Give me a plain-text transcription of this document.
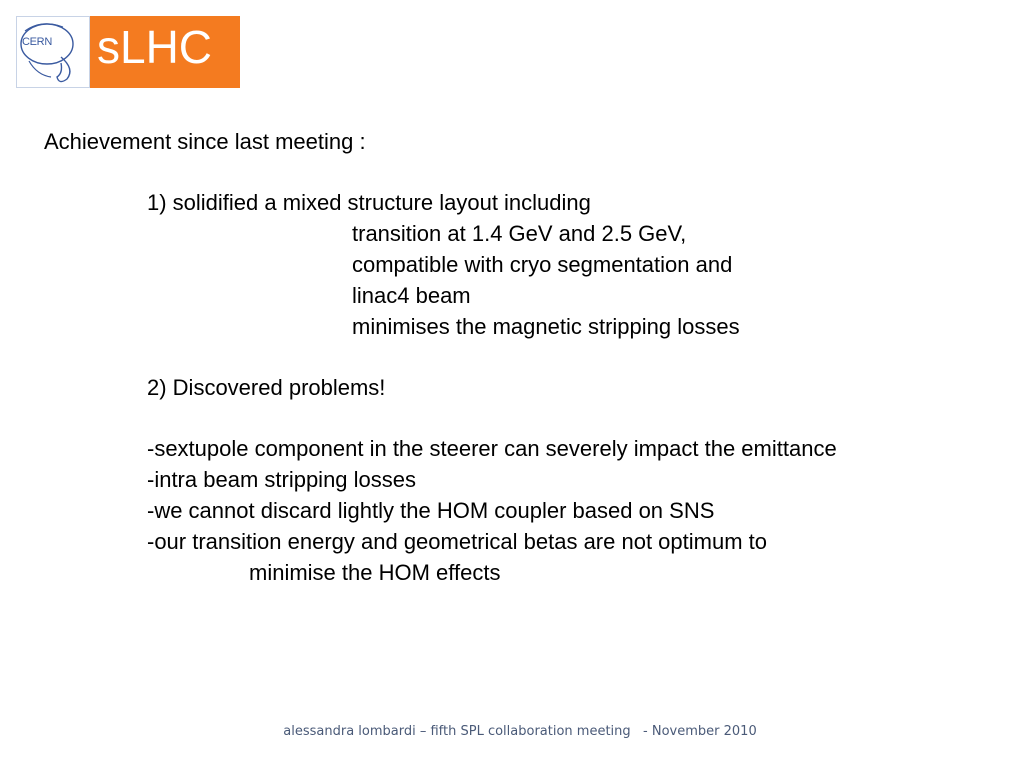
CERN sLHC
Achievement since last meeting :
1) solidified a mixed structure layout including
transition at 1.4 GeV and 2.5 GeV,
compatible with cryo segmentation and
linac4 beam
minimises the magnetic stripping losses
2) Discovered problems!
-sextupole component in the steerer can severely impact the emittance
-intra beam stripping losses
-we cannot discard lightly the HOM coupler based on SNS
-our transition energy and geometrical betas are not optimum to
minimise the HOM effects
alessandra lombardi – fifth SPL collaboration meeting   - November 2010
